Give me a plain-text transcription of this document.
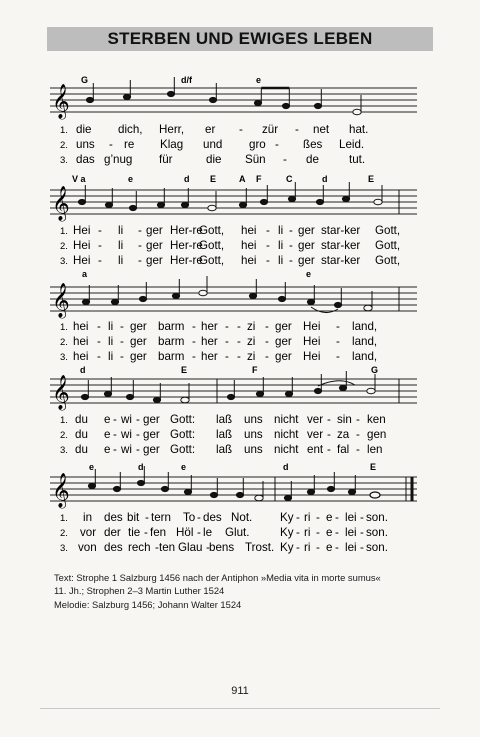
STERBEN UND EWIGES LEBEN
𝄞
G	d/f	e
1. die dich, Herr, er - zür - net hat.
2. uns - re Klag und gro - ßes Leid.
3. das g’nug für	die Sün - de	tut.
𝄞
V a	e	d E	A F	C	d	E
1. Hei - li - ger Her-re
Gott, hei - li - ger star-ker Gott,
2. Hei - li - ger Her-re
Gott, hei - li - ger star-ker Gott,
3. Hei - li - ger Her-re
Gott, hei - li - ger star-ker Gott,
𝄞
a	e
1. hei - li - ger barm - her - - zi - ger Hei - land,
2. hei - li - ger barm - her - - zi - ger Hei - land,
3. hei - li - ger barm - her - - zi - ger Hei - land,
𝄞
d	E	F	G
1. du e - wi - ger Gott: laß uns nicht ver - sin - ken
2. du e - wi - ger Gott: laß uns nicht ver - za - gen
3. du e - wi - ger Gott: laß uns nicht ent - fal - len
𝄞
e	d	e	d	E
1. in des bit - tern To - des Not. Ky - ri - e - lei - son.
2. vor der tie - fen Höl - le Glut.	Ky - ri - e - lei - son.
3. von des rech - ten Glau - bens Trost. Ky - ri - e - lei - son.
Text: Strophe 1 Salzburg 1456 nach der Antiphon »Media vita in morte sumus«
11. Jh.; Strophen 2–3 Martin Luther 1524
Melodie: Salzburg 1456; Johann Walter 1524
911
